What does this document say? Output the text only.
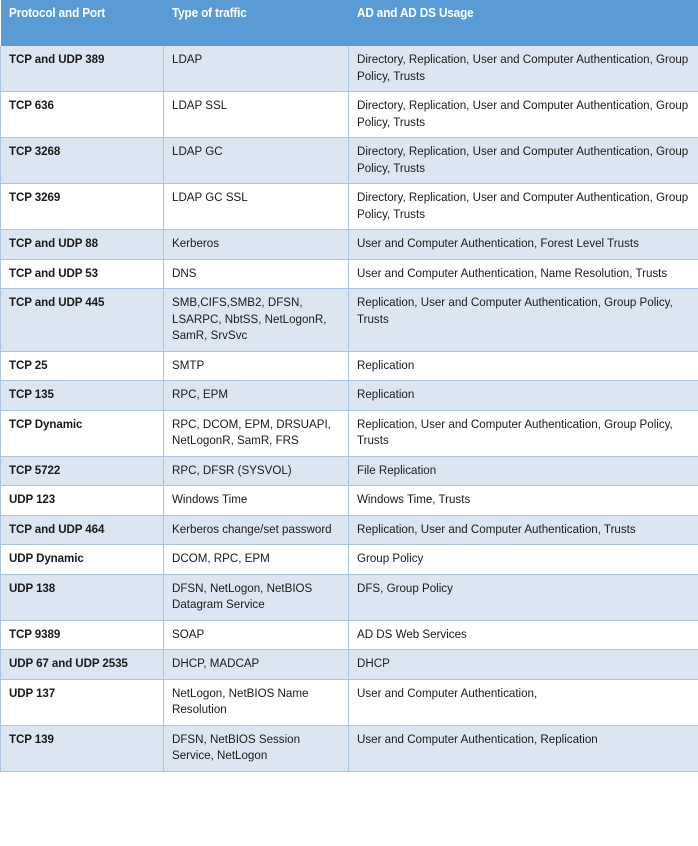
Protocol and Port	Type of traffic	AD and AD DS Usage

TCP and UDP 389	LDAP	Directory, Replication, User and Computer Authentication, Group Policy, Trusts

TCP 636	LDAP SSL	Directory, Replication, User and Computer Authentication, Group Policy, Trusts

TCP 3268	LDAP GC	Directory, Replication, User and Computer Authentication, Group Policy, Trusts

TCP 3269	LDAP GC SSL	Directory, Replication, User and Computer Authentication, Group Policy, Trusts

TCP and UDP 88	Kerberos	User and Computer Authentication, Forest Level Trusts

TCP and UDP 53	DNS	User and Computer Authentication, Name Resolution, Trusts

TCP and UDP 445	SMB,CIFS,SMB2, DFSN, LSARPC, NbtSS, NetLogonR, SamR, SrvSvc	Replication, User and Computer Authentication, Group Policy, Trusts

TCP 25	SMTP	Replication

TCP 135	RPC, EPM	Replication

TCP Dynamic	RPC, DCOM, EPM, DRSUAPI, NetLogonR, SamR, FRS	Replication, User and Computer Authentication, Group Policy, Trusts

TCP 5722	RPC, DFSR (SYSVOL)	File Replication

UDP 123	Windows Time	Windows Time, Trusts

TCP and UDP 464	Kerberos change/set password	Replication, User and Computer Authentication, Trusts

UDP Dynamic	DCOM, RPC, EPM	Group Policy

UDP 138	DFSN, NetLogon, NetBIOS Datagram Service	DFS, Group Policy

TCP 9389	SOAP	AD DS Web Services

UDP 67 and UDP 2535	DHCP, MADCAP	DHCP

UDP 137	NetLogon, NetBIOS Name Resolution	User and Computer Authentication,

TCP 139	DFSN, NetBIOS Session Service, NetLogon	User and Computer Authentication, Replication
